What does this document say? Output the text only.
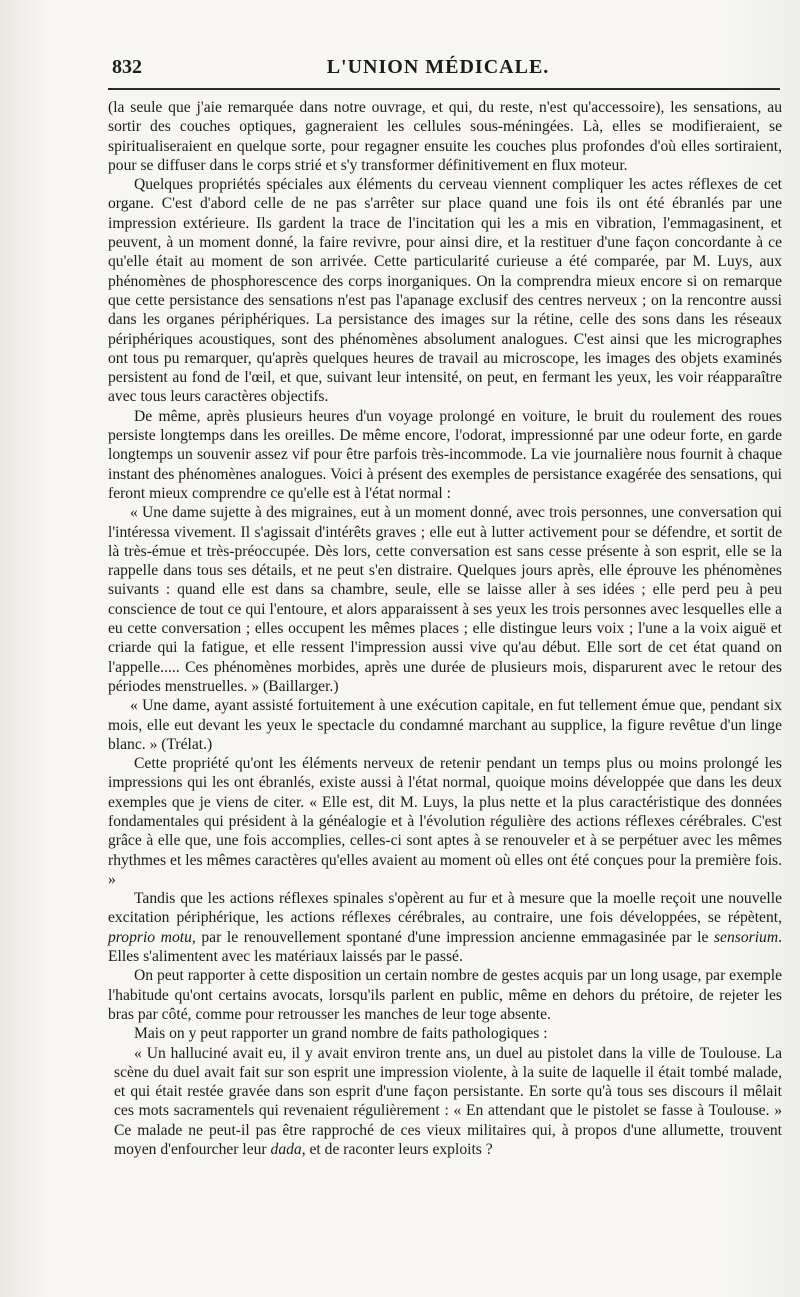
832	L'UNION MÉDICALE.

(la seule que j'aie remarquée dans notre ouvrage, et qui, du reste, n'est qu'accessoire), les sensations, au sortir des couches optiques, gagneraient les cellules sous-méningées. Là, elles se modifieraient, se spiritualiseraient en quelque sorte, pour regagner ensuite les couches plus profondes d'où elles sortiraient, pour se diffuser dans le corps strié et s'y transformer définitivement en flux moteur.

Quelques propriétés spéciales aux éléments du cerveau viennent compliquer les actes réflexes de cet organe. C'est d'abord celle de ne pas s'arrêter sur place quand une fois ils ont été ébranlés par une impression extérieure. Ils gardent la trace de l'incitation qui les a mis en vibration, l'emmagasinent, et peuvent, à un moment donné, la faire revivre, pour ainsi dire, et la restituer d'une façon concordante à ce qu'elle était au moment de son arrivée. Cette particularité curieuse a été comparée, par M. Luys, aux phénomènes de phosphorescence des corps inorganiques. On la comprendra mieux encore si on remarque que cette persistance des sensations n'est pas l'apanage exclusif des centres nerveux ; on la rencontre aussi dans les organes périphériques. La persistance des images sur la rétine, celle des sons dans les réseaux périphériques acoustiques, sont des phénomènes absolument analogues. C'est ainsi que les micrographes ont tous pu remarquer, qu'après quelques heures de travail au microscope, les images des objets examinés persistent au fond de l'œil, et que, suivant leur intensité, on peut, en fermant les yeux, les voir réapparaître avec tous leurs caractères objectifs.

De même, après plusieurs heures d'un voyage prolongé en voiture, le bruit du roulement des roues persiste longtemps dans les oreilles. De même encore, l'odorat, impressionné par une odeur forte, en garde longtemps un souvenir assez vif pour être parfois très-incommode. La vie journalière nous fournit à chaque instant des phénomènes analogues. Voici à présent des exemples de persistance exagérée des sensations, qui feront mieux comprendre ce qu'elle est à l'état normal :

« Une dame sujette à des migraines, eut à un moment donné, avec trois personnes, une conversation qui l'intéressa vivement. Il s'agissait d'intérêts graves ; elle eut à lutter activement pour se défendre, et sortit de là très-émue et très-préoccupée. Dès lors, cette conversation est sans cesse présente à son esprit, elle se la rappelle dans tous ses détails, et ne peut s'en distraire. Quelques jours après, elle éprouve les phénomènes suivants : quand elle est dans sa chambre, seule, elle se laisse aller à ses idées ; elle perd peu à peu conscience de tout ce qui l'entoure, et alors apparaissent à ses yeux les trois personnes avec lesquelles elle a eu cette conversation ; elles occupent les mêmes places ; elle distingue leurs voix ; l'une a la voix aiguë et criarde qui la fatigue, et elle ressent l'impression aussi vive qu'au début. Elle sort de cet état quand on l'appelle..... Ces phénomènes morbides, après une durée de plusieurs mois, disparurent avec le retour des périodes menstruelles. » (Baillarger.)

« Une dame, ayant assisté fortuitement à une exécution capitale, en fut tellement émue que, pendant six mois, elle eut devant les yeux le spectacle du condamné marchant au supplice, la figure revêtue d'un linge blanc. » (Trélat.)

Cette propriété qu'ont les éléments nerveux de retenir pendant un temps plus ou moins prolongé les impressions qui les ont ébranlés, existe aussi à l'état normal, quoique moins développée que dans les deux exemples que je viens de citer. « Elle est, dit M. Luys, la plus nette et la plus caractéristique des données fondamentales qui président à la généalogie et à l'évolution régulière des actions réflexes cérébrales. C'est grâce à elle que, une fois accomplies, celles-ci sont aptes à se renouveler et à se perpétuer avec les mêmes rhythmes et les mêmes caractères qu'elles avaient au moment où elles ont été conçues pour la première fois. »

Tandis que les actions réflexes spinales s'opèrent au fur et à mesure que la moelle reçoit une nouvelle excitation périphérique, les actions réflexes cérébrales, au contraire, une fois développées, se répètent, proprio motu, par le renouvellement spontané d'une impression ancienne emmagasinée par le sensorium. Elles s'alimentent avec les matériaux laissés par le passé.

On peut rapporter à cette disposition un certain nombre de gestes acquis par un long usage, par exemple l'habitude qu'ont certains avocats, lorsqu'ils parlent en public, même en dehors du prétoire, de rejeter les bras par côté, comme pour retrousser les manches de leur toge absente.

Mais on y peut rapporter un grand nombre de faits pathologiques :

« Un halluciné avait eu, il y avait environ trente ans, un duel au pistolet dans la ville de Toulouse. La scène du duel avait fait sur son esprit une impression violente, à la suite de laquelle il était tombé malade, et qui était restée gravée dans son esprit d'une façon persistante. En sorte qu'à tous ses discours il mêlait ces mots sacramentels qui revenaient régulièrement : « En attendant que le pistolet se fasse à Toulouse. » Ce malade ne peut-il pas être rapproché de ces vieux militaires qui, à propos d'une allumette, trouvent moyen d'enfourcher leur dada, et de raconter leurs exploits ?
